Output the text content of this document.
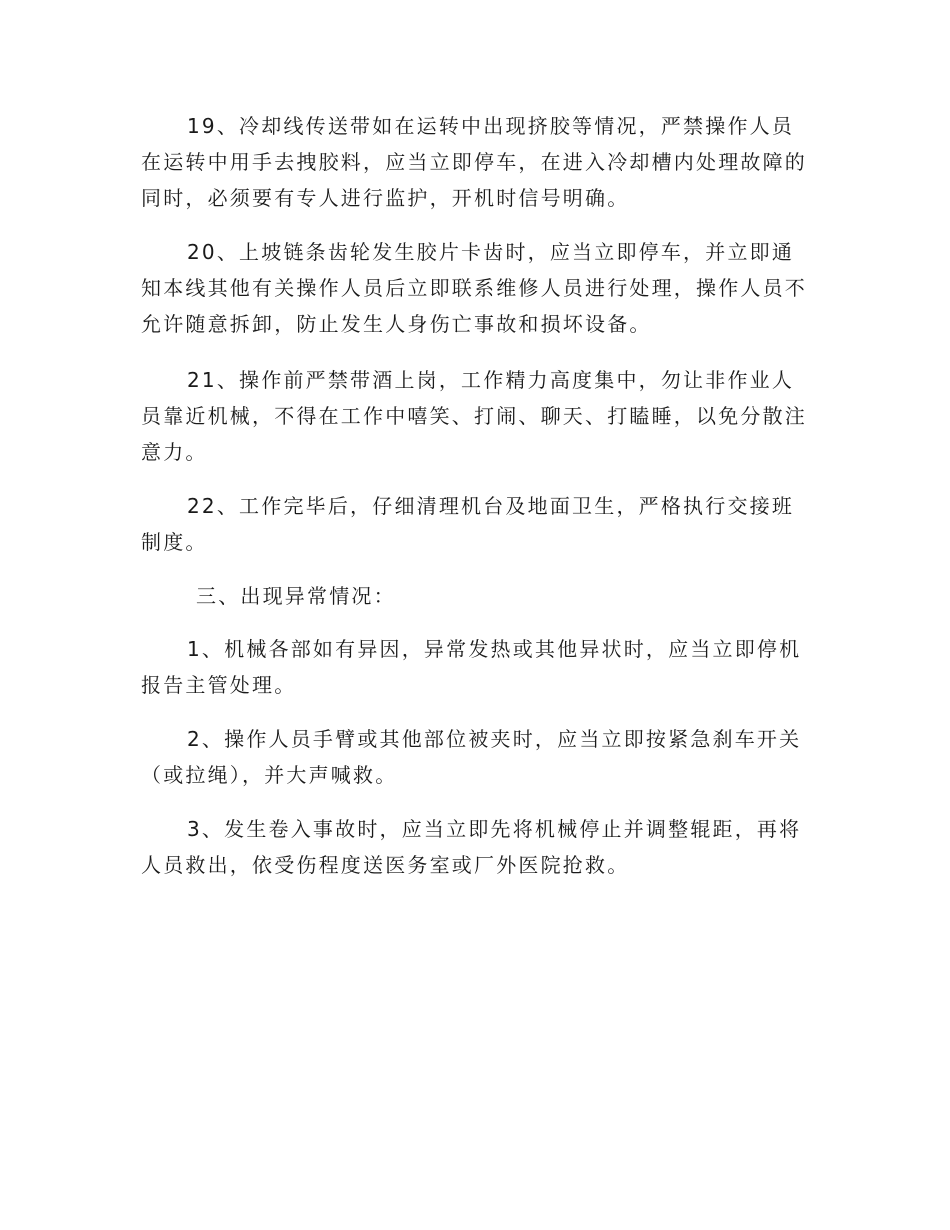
19、冷却线传送带如在运转中出现挤胶等情况，严禁操作人员在运转中用手去拽胶料，应当立即停车，在进入冷却槽内处理故障的同时，必须要有专人进行监护，开机时信号明确。

20、上坡链条齿轮发生胶片卡齿时，应当立即停车，并立即通知本线其他有关操作人员后立即联系维修人员进行处理，操作人员不允许随意拆卸，防止发生人身伤亡事故和损坏设备。

21、操作前严禁带酒上岗，工作精力高度集中，勿让非作业人员靠近机械，不得在工作中嘻笑、打闹、聊天、打瞌睡，以免分散注意力。

22、工作完毕后，仔细清理机台及地面卫生，严格执行交接班制度。

三、出现异常情况：

1、机械各部如有异因，异常发热或其他异状时，应当立即停机报告主管处理。

2、操作人员手臂或其他部位被夹时，应当立即按紧急刹车开关（或拉绳），并大声喊救。

3、发生卷入事故时，应当立即先将机械停止并调整辊距，再将人员救出，依受伤程度送医务室或厂外医院抢救。
